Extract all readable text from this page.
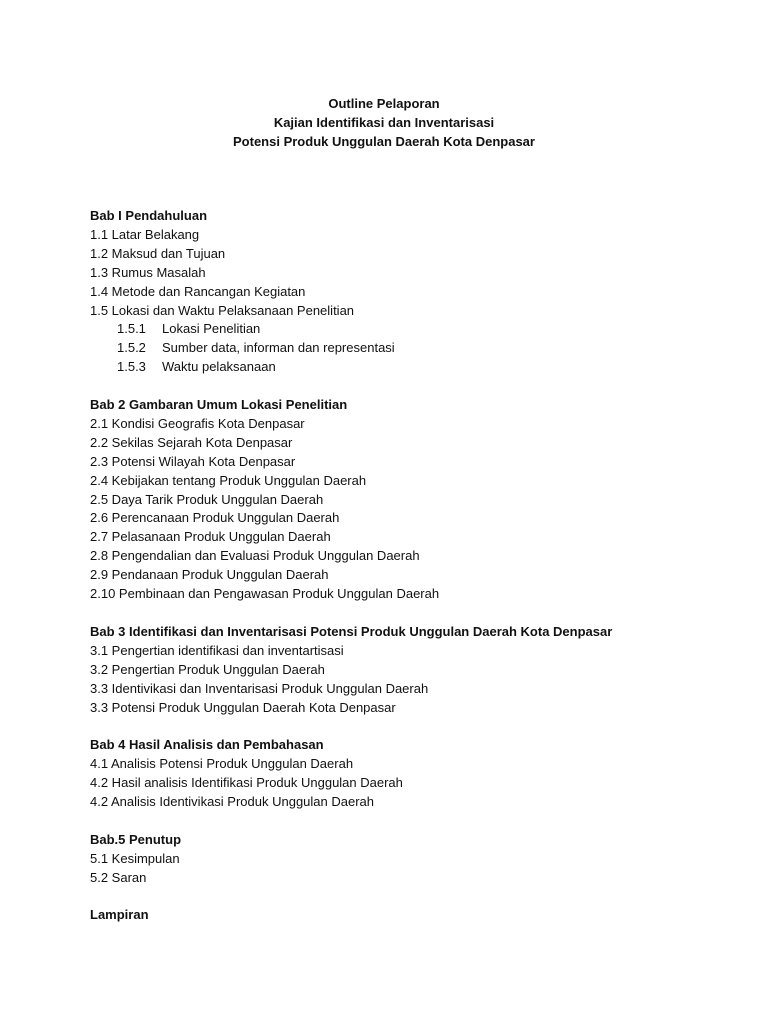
Outline Pelaporan
Kajian Identifikasi dan Inventarisasi
Potensi Produk Unggulan Daerah Kota Denpasar
Bab I Pendahuluan
1.1 Latar Belakang
1.2 Maksud dan Tujuan
1.3 Rumus Masalah
1.4 Metode dan Rancangan Kegiatan
1.5 Lokasi dan Waktu Pelaksanaan Penelitian
1.5.1 Lokasi Penelitian
1.5.2 Sumber data, informan dan representasi
1.5.3 Waktu pelaksanaan
Bab 2 Gambaran Umum Lokasi Penelitian
2.1 Kondisi Geografis Kota Denpasar
2.2 Sekilas Sejarah Kota Denpasar
2.3 Potensi Wilayah Kota Denpasar
2.4 Kebijakan tentang Produk Unggulan Daerah
2.5 Daya Tarik Produk Unggulan Daerah
2.6 Perencanaan Produk Unggulan Daerah
2.7 Pelasanaan Produk Unggulan Daerah
2.8 Pengendalian dan Evaluasi Produk Unggulan Daerah
2.9 Pendanaan Produk Unggulan Daerah
2.10 Pembinaan dan Pengawasan Produk Unggulan Daerah
Bab 3 Identifikasi dan Inventarisasi Potensi Produk Unggulan Daerah Kota Denpasar
3.1 Pengertian identifikasi dan inventartisasi
3.2 Pengertian Produk Unggulan Daerah
3.3 Identivikasi dan Inventarisasi Produk Unggulan Daerah
3.3 Potensi Produk Unggulan Daerah Kota Denpasar
Bab 4 Hasil Analisis dan Pembahasan
4.1 Analisis Potensi Produk Unggulan Daerah
4.2 Hasil analisis Identifikasi Produk Unggulan Daerah
4.2 Analisis Identivikasi Produk Unggulan Daerah
Bab.5 Penutup
5.1 Kesimpulan
5.2 Saran
Lampiran
